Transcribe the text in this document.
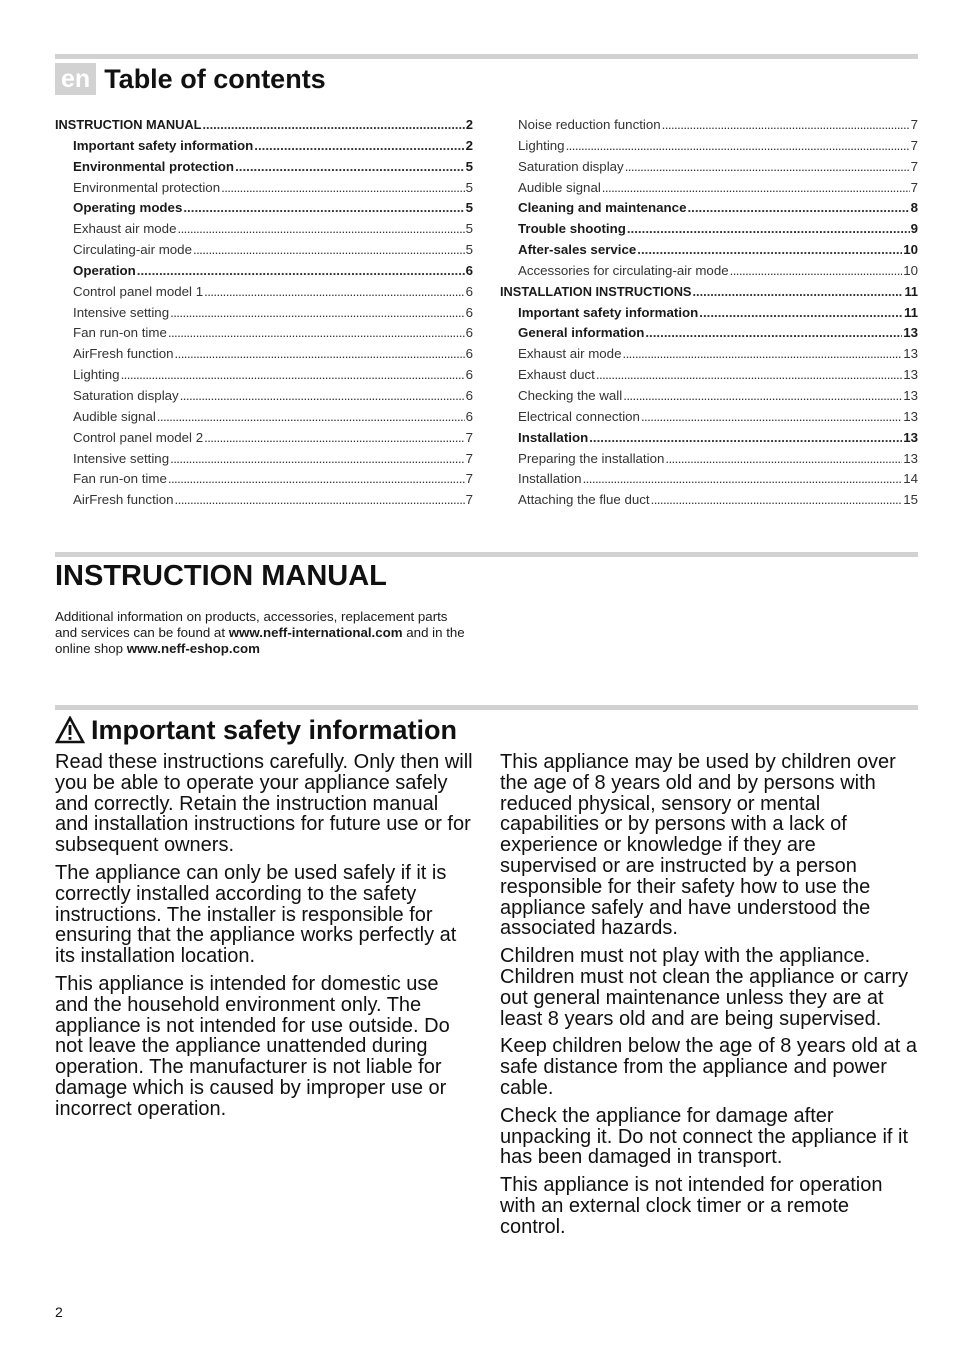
en Table of contents
INSTRUCTION MANUAL .....	2
Important safety information .....	2
Environmental protection .....	5
Environmental protection .....	5
Operating modes .....	5
Exhaust air mode .....	5
Circulating-air mode .....	5
Operation .....	6
Control panel model 1 .....	6
Intensive setting .....	6
Fan run-on time .....	6
AirFresh function .....	6
Lighting .....	6
Saturation display .....	6
Audible signal .....	6
Control panel model 2 .....	7
Intensive setting .....	7
Fan run-on time .....	7
AirFresh function .....	7
Noise reduction function .....	7
Lighting .....	7
Saturation display .....	7
Audible signal .....	7
Cleaning and maintenance .....	8
Trouble shooting .....	9
After-sales service .....	10
Accessories for circulating-air mode .....	10
INSTALLATION INSTRUCTIONS .....	11
Important safety information .....	11
General information .....	13
Exhaust air mode .....	13
Exhaust duct .....	13
Checking the wall .....	13
Electrical connection .....	13
Installation .....	13
Preparing the installation .....	13
Installation .....	14
Attaching the flue duct .....	15
INSTRUCTION MANUAL
Additional information on products, accessories, replacement parts and services can be found at www.neff-international.com and in the online shop www.neff-eshop.com
Important safety information

Read these instructions carefully. Only then will you be able to operate your appliance safely and correctly. Retain the instruction manual and installation instructions for future use or for subsequent owners.

The appliance can only be used safely if it is correctly installed according to the safety instructions. The installer is responsible for ensuring that the appliance works perfectly at its installation location.

This appliance is intended for domestic use and the household environment only. The appliance is not intended for use outside. Do not leave the appliance unattended during operation. The manufacturer is not liable for damage which is caused by improper use or incorrect operation.

This appliance may be used by children over the age of 8 years old and by persons with reduced physical, sensory or mental capabilities or by persons with a lack of experience or knowledge if they are supervised or are instructed by a person responsible for their safety how to use the appliance safely and have understood the associated hazards.

Children must not play with the appliance. Children must not clean the appliance or carry out general maintenance unless they are at least 8 years old and are being supervised.

Keep children below the age of 8 years old at a safe distance from the appliance and power cable.

Check the appliance for damage after unpacking it. Do not connect the appliance if it has been damaged in transport.

This appliance is not intended for operation with an external clock timer or a remote control.

2
